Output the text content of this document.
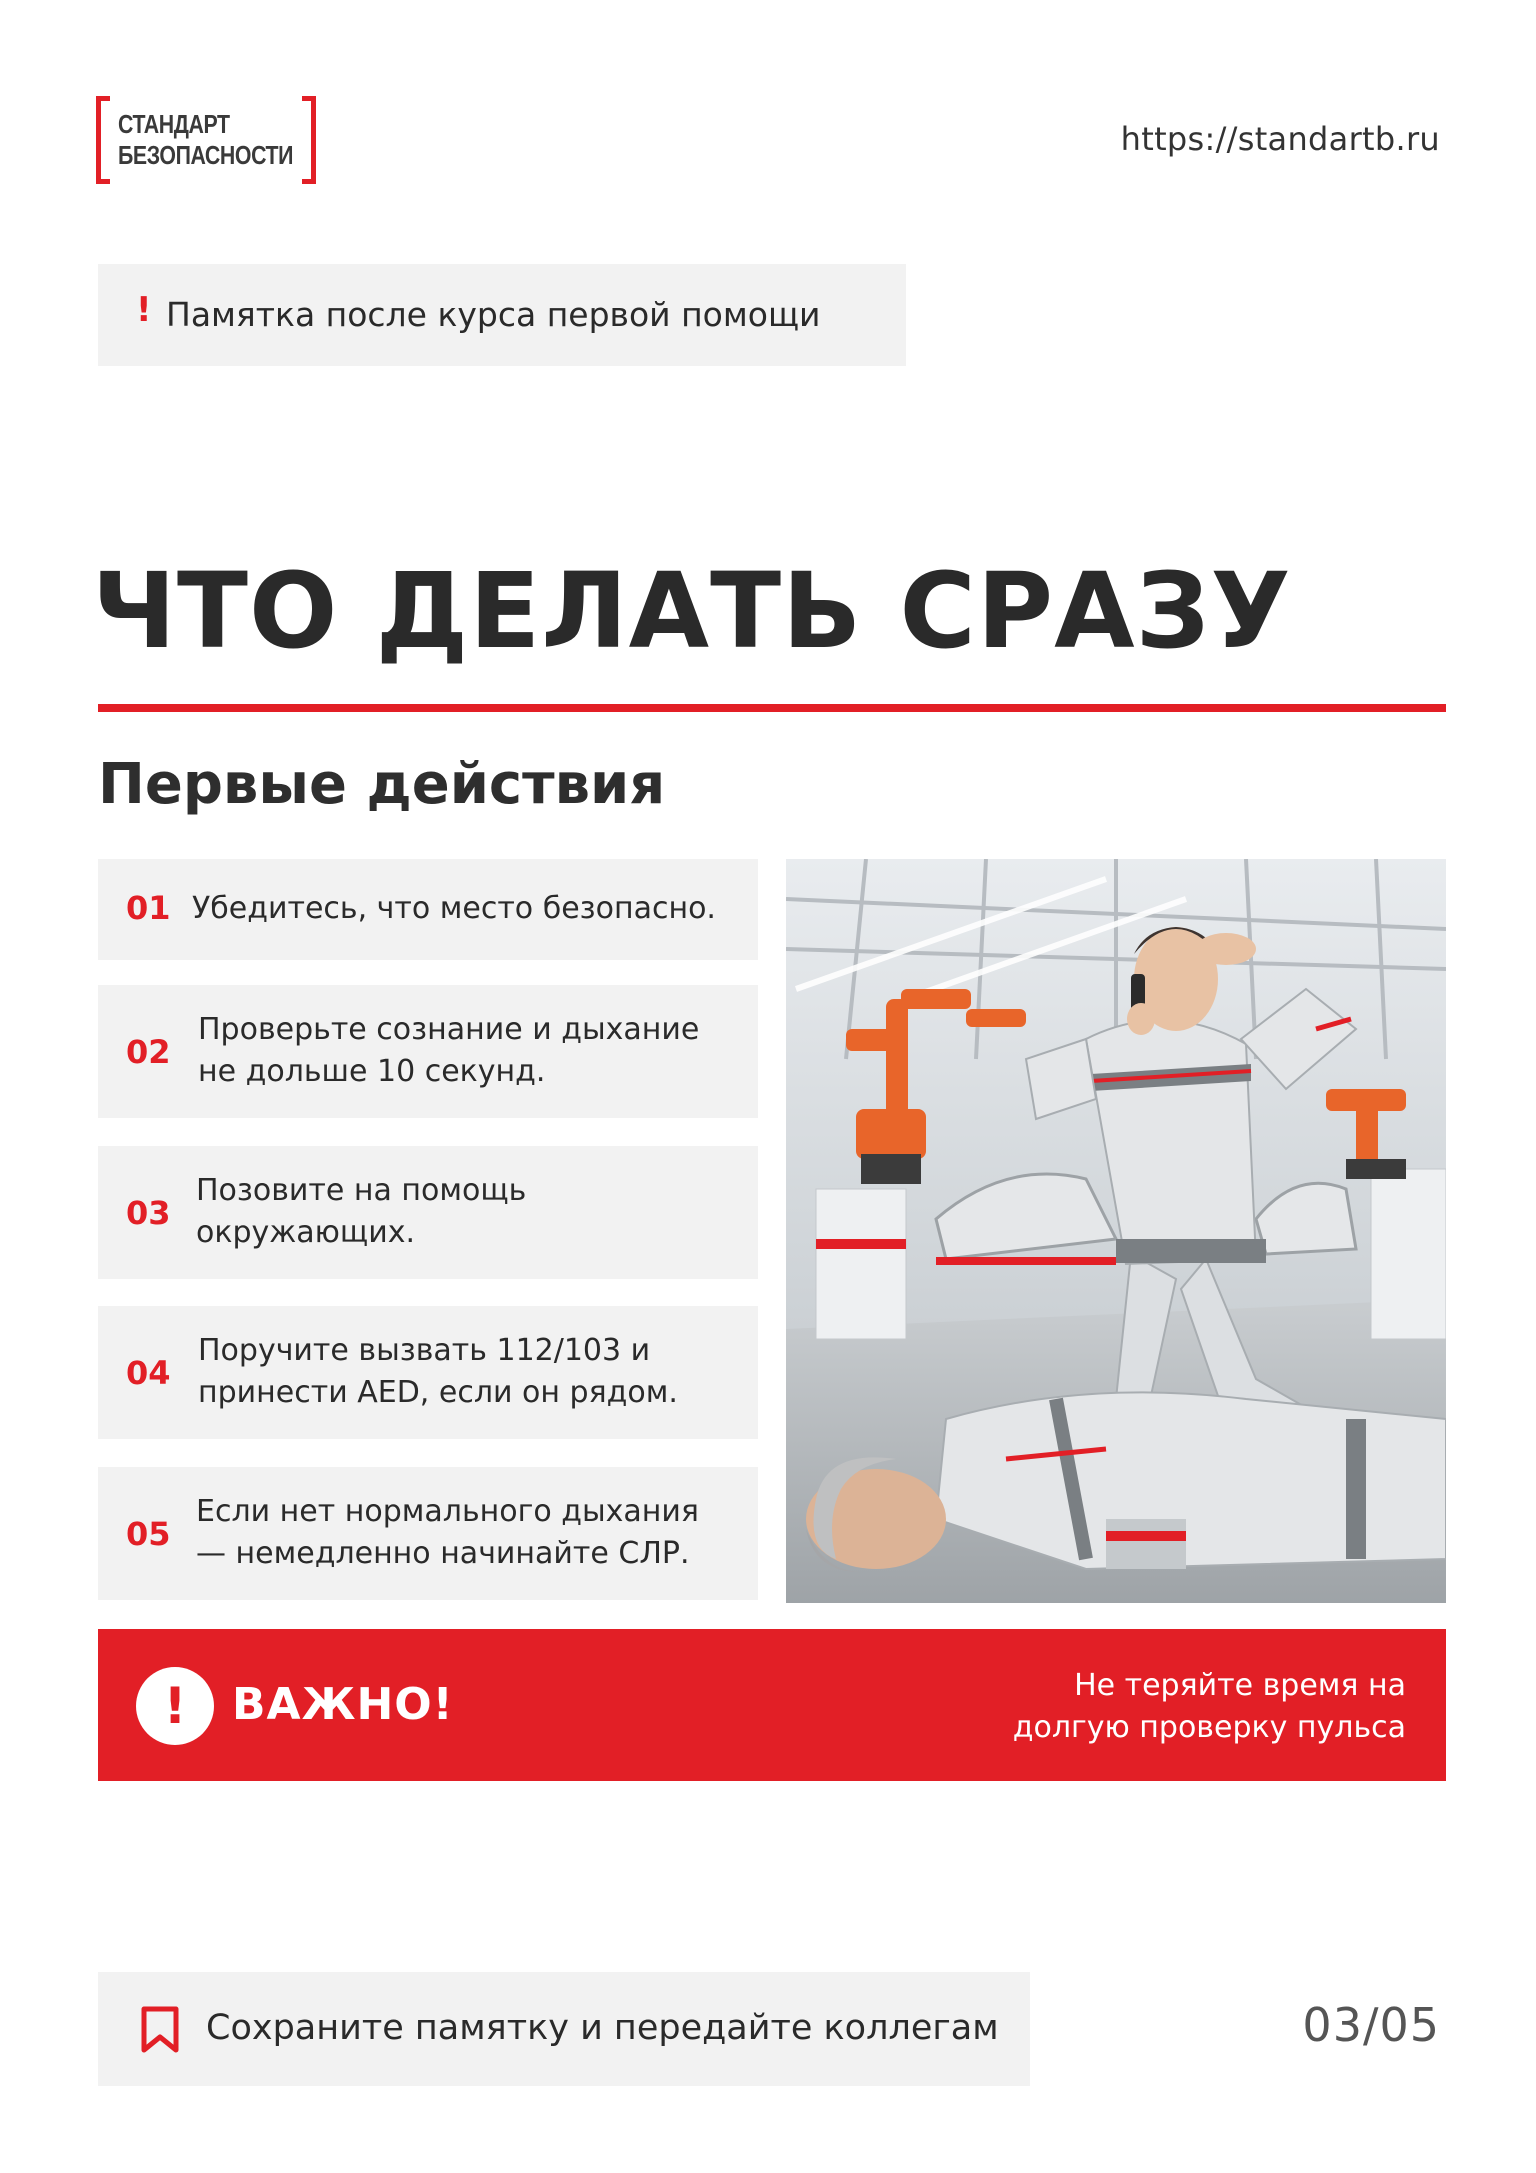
СТАНДАРТ
БЕЗОПАСНОСТИ	https://standartb.ru
! Памятка после курса первой помощи
ЧТО ДЕЛАТЬ СРАЗУ
Первые действия
01 Убедитесь, что место безопасно.
02
Проверьте сознание и дыхание
не дольше 10 секунд.
03
Позовите на помощь
окружающих.
04
Поручите вызвать 112/103 и
принести AED, если он рядом.
05
Если нет нормального дыхания
— немедленно начинайте СЛР.
!	ВАЖНО!	Не теряйте время на
долгую проверку пульса
Сохраните памятку и передайте коллегам	03/05
